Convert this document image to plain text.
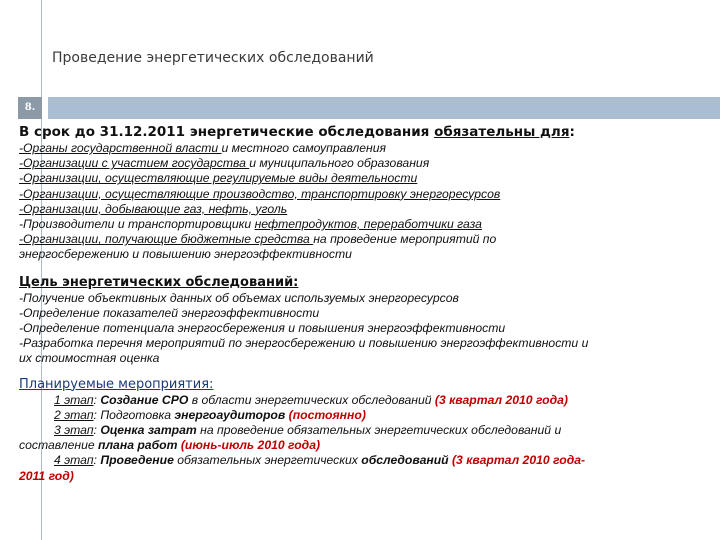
Проведение энергетических обследований
8.
В срок до 31.12.2011 энергетические обследования обязательны для:
-Органы государственной власти и местного самоуправления
-Организации с участием государства и муниципального образования
-Организации, осуществляющие регулируемые виды деятельности
-Организации, осуществляющие производство, транспортировку энергоресурсов
-Организации, добывающие газ, нефть, уголь
-Производители и транспортировщики нефтепродуктов, переработчики газа
-Организации, получающие бюджетные средства на проведение мероприятий по
энергосбережению и повышению энергоэффективности
Цель энергетических обследований:
-Получение объективных данных об объемах используемых энергоресурсов
-Определение показателей энергоэффективности
-Определение потенциала энергосбережения и повышения энергоэффективности
-Разработка перечня мероприятий по энергосбережению и повышению энергоэффективности и
их стоимостная оценка
Планируемые мероприятия:
1 этап: Создание СРО в области энергетических обследований (3 квартал 2010 года)
2 этап: Подготовка энергоаудиторов (постоянно)
3 этап: Оценка затрат на проведение обязательных энергетических обследований и
составление плана работ (июнь-июль 2010 года)
4 этап: Проведение обязательных энергетических обследований (3 квартал 2010 года-
2011 год)
